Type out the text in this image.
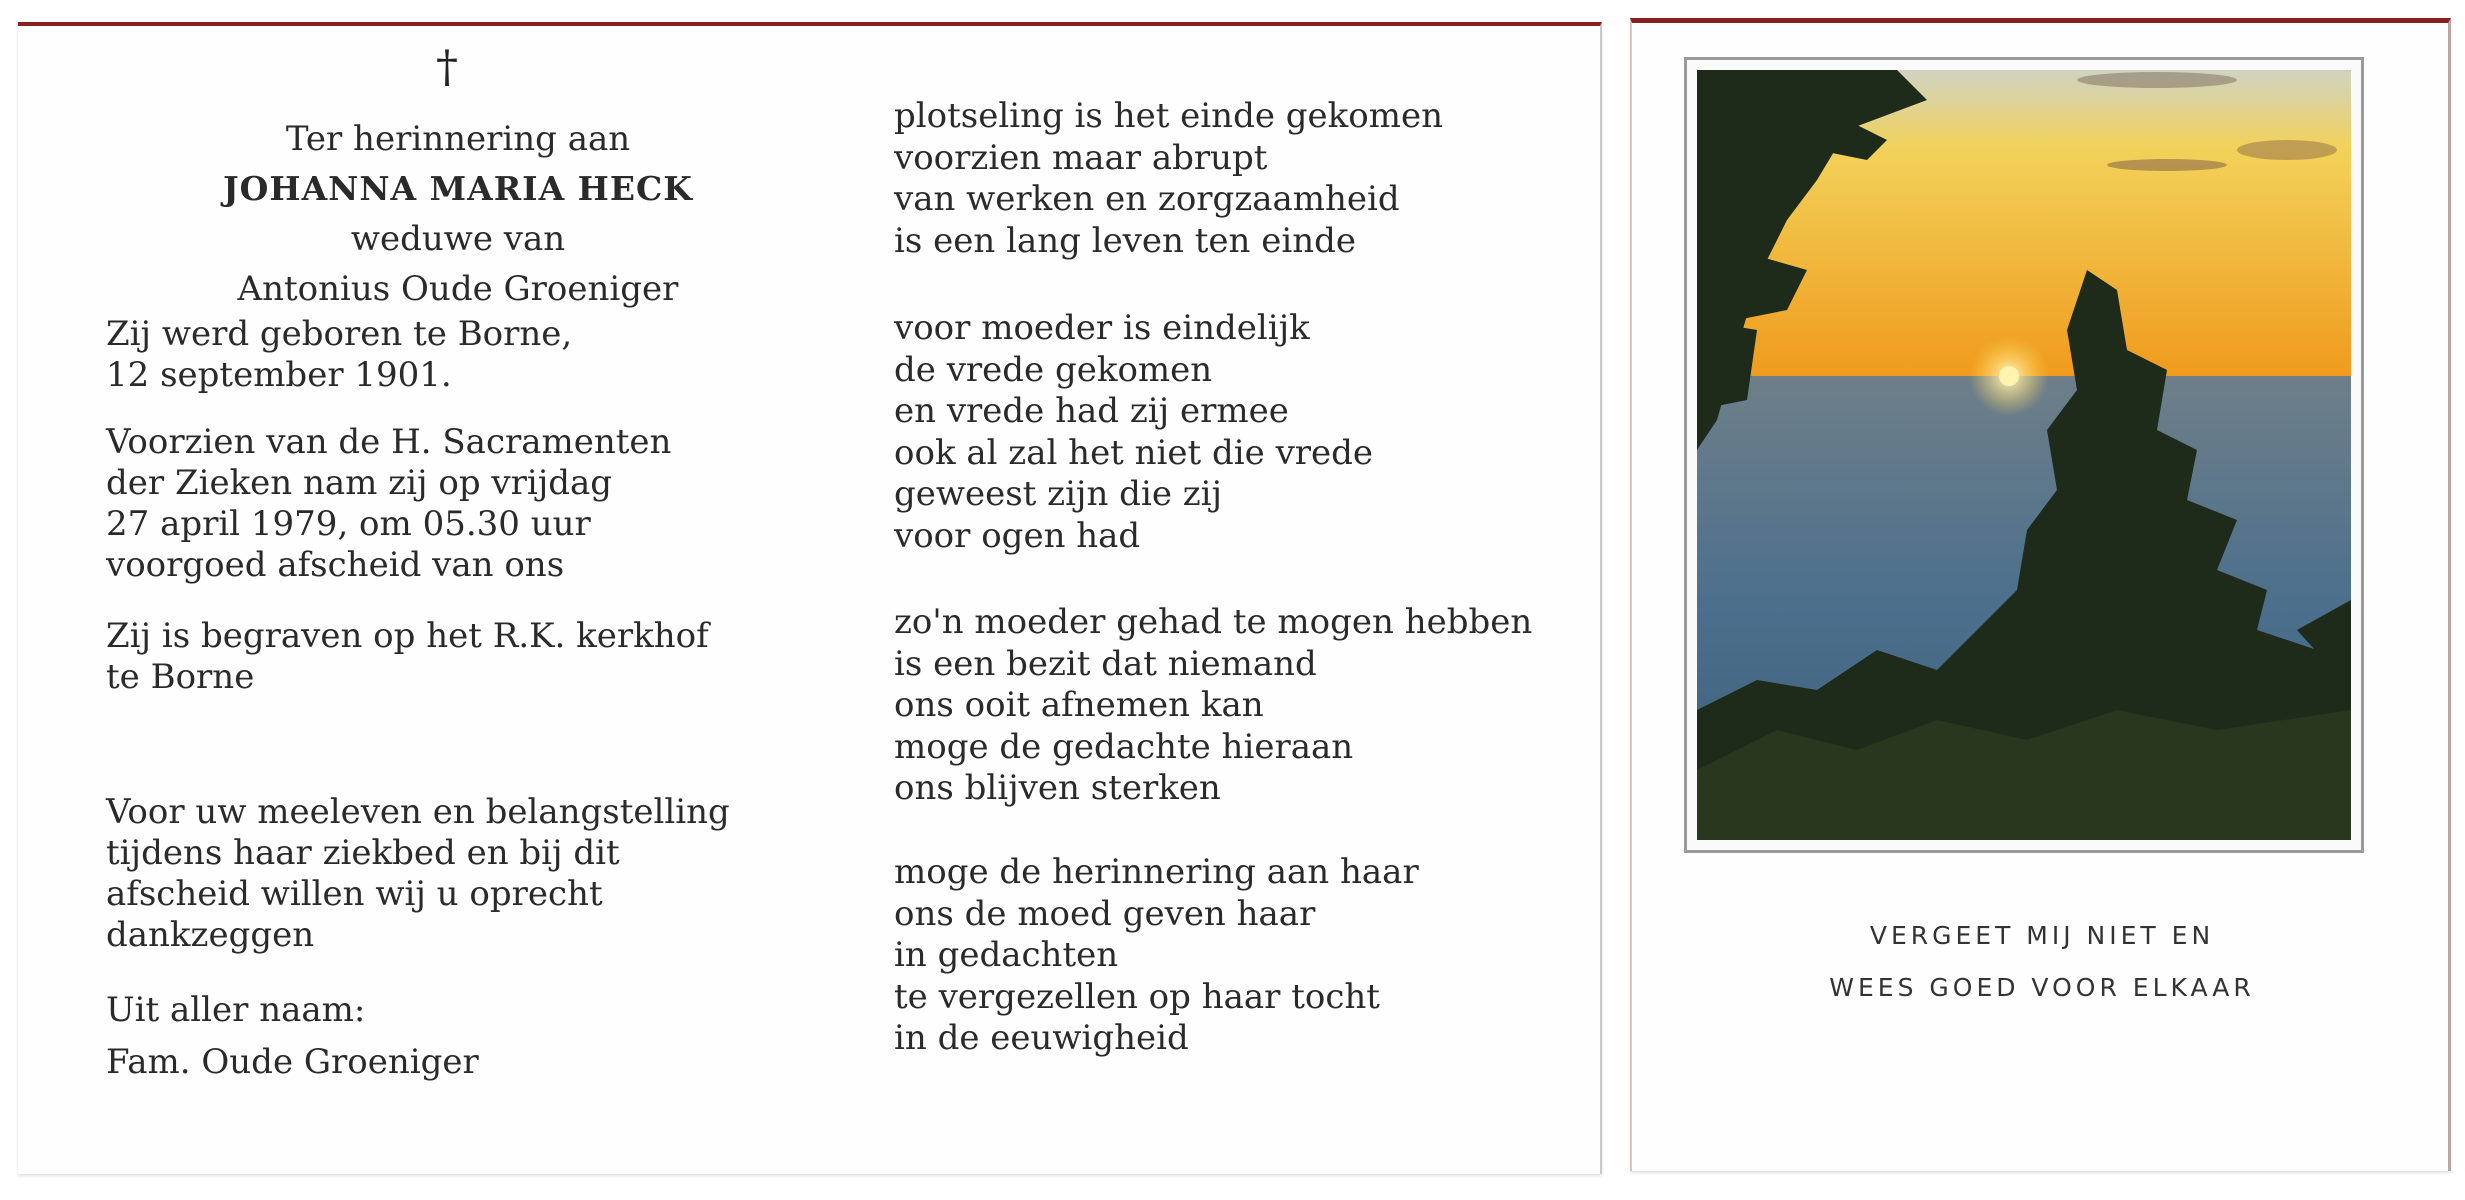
†
Ter herinnering aan
JOHANNA MARIA HECK
weduwe van
Antonius Oude Groeniger
Zij werd geboren te Borne,
12 september 1901.
Voorzien van de H. Sacramenten
der Zieken nam zij op vrijdag
27 april 1979, om 05.30 uur
voorgoed afscheid van ons
Zij is begraven op het R.K. kerkhof
te Borne
Voor uw meeleven en belangstelling
tijdens haar ziekbed en bij dit
afscheid willen wij u oprecht
dankzeggen
Uit aller naam:
Fam. Oude Groeniger
plotseling is het einde gekomen
voorzien maar abrupt
van werken en zorgzaamheid
is een lang leven ten einde
voor moeder is eindelijk
de vrede gekomen
en vrede had zij ermee
ook al zal het niet die vrede
geweest zijn die zij
voor ogen had
zo'n moeder gehad te mogen hebben
is een bezit dat niemand
ons ooit afnemen kan
moge de gedachte hieraan
ons blijven sterken
moge de herinnering aan haar
ons de moed geven haar
in gedachten
te vergezellen op haar tocht
in de eeuwigheid
VERGEET MIJ NIET EN
WEES GOED VOOR ELKAAR
